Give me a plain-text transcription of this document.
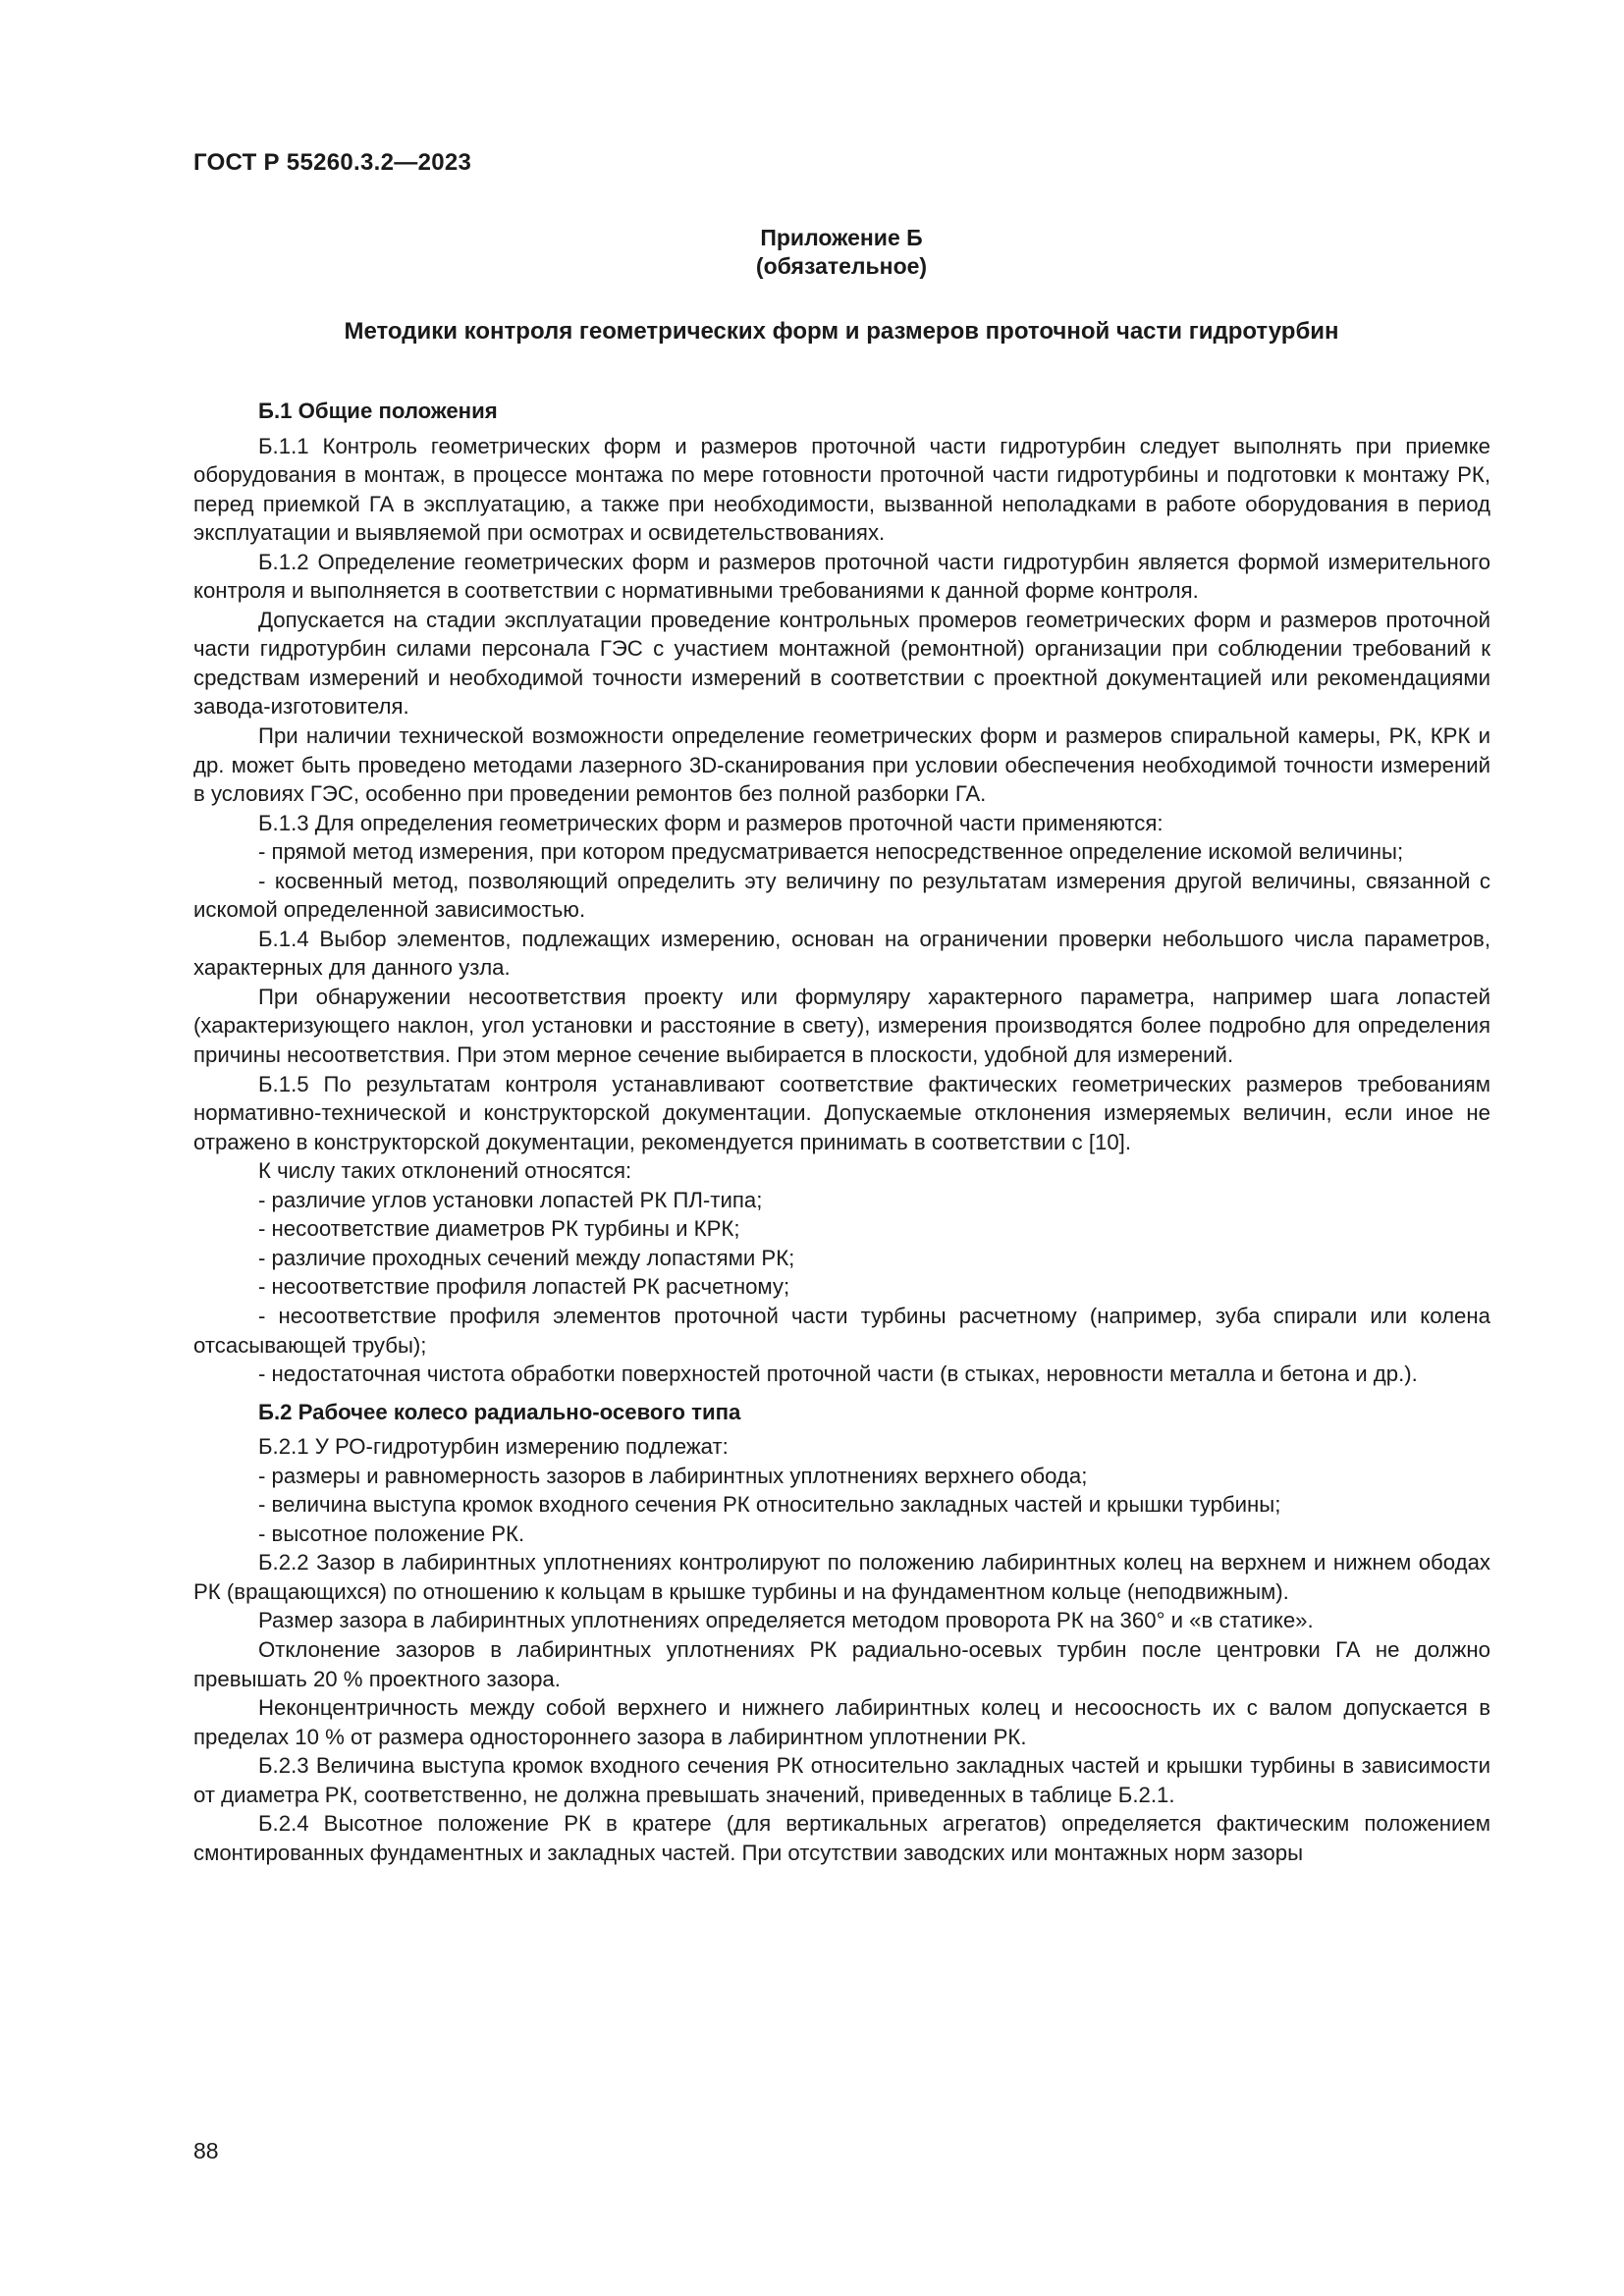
ГОСТ Р 55260.3.2—2023
Приложение Б
(обязательное)
Методики контроля геометрических форм и размеров проточной части гидротурбин
Б.1 Общие положения

Б.1.1 Контроль геометрических форм и размеров проточной части гидротурбин следует выполнять при приемке оборудования в монтаж, в процессе монтажа по мере готовности проточной части гидротурбины и подготовки к монтажу РК, перед приемкой ГА в эксплуатацию, а также при необходимости, вызванной неполадками в работе оборудования в период эксплуатации и выявляемой при осмотрах и освидетельствованиях.

Б.1.2 Определение геометрических форм и размеров проточной части гидротурбин является формой измерительного контроля и выполняется в соответствии с нормативными требованиями к данной форме контроля.

Допускается на стадии эксплуатации проведение контрольных промеров геометрических форм и размеров проточной части гидротурбин силами персонала ГЭС с участием монтажной (ремонтной) организации при соблюдении требований к средствам измерений и необходимой точности измерений в соответствии с проектной документацией или рекомендациями завода-изготовителя.

При наличии технической возможности определение геометрических форм и размеров спиральной камеры, РК, КРК и др. может быть проведено методами лазерного 3D-сканирования при условии обеспечения необходимой точности измерений в условиях ГЭС, особенно при проведении ремонтов без полной разборки ГА.

Б.1.3 Для определения геометрических форм и размеров проточной части применяются:

- прямой метод измерения, при котором предусматривается непосредственное определение искомой величины;

- косвенный метод, позволяющий определить эту величину по результатам измерения другой величины, связанной с искомой определенной зависимостью.

Б.1.4 Выбор элементов, подлежащих измерению, основан на ограничении проверки небольшого числа параметров, характерных для данного узла.

При обнаружении несоответствия проекту или формуляру характерного параметра, например шага лопастей (характеризующего наклон, угол установки и расстояние в свету), измерения производятся более подробно для определения причины несоответствия. При этом мерное сечение выбирается в плоскости, удобной для измерений.

Б.1.5 По результатам контроля устанавливают соответствие фактических геометрических размеров требованиям нормативно-технической и конструкторской документации. Допускаемые отклонения измеряемых величин, если иное не отражено в конструкторской документации, рекомендуется принимать в соответствии с [10].

К числу таких отклонений относятся:

- различие углов установки лопастей РК ПЛ-типа;

- несоответствие диаметров РК турбины и КРК;

- различие проходных сечений между лопастями РК;

- несоответствие профиля лопастей РК расчетному;

- несоответствие профиля элементов проточной части турбины расчетному (например, зуба спирали или колена отсасывающей трубы);

- недостаточная чистота обработки поверхностей проточной части (в стыках, неровности металла и бетона и др.).

Б.2 Рабочее колесо радиально-осевого типа

Б.2.1 У РО-гидротурбин измерению подлежат:

- размеры и равномерность зазоров в лабиринтных уплотнениях верхнего обода;

- величина выступа кромок входного сечения РК относительно закладных частей и крышки турбины;

- высотное положение РК.

Б.2.2 Зазор в лабиринтных уплотнениях контролируют по положению лабиринтных колец на верхнем и нижнем ободах РК (вращающихся) по отношению к кольцам в крышке турбины и на фундаментном кольце (неподвижным).

Размер зазора в лабиринтных уплотнениях определяется методом проворота РК на 360° и «в статике».

Отклонение зазоров в лабиринтных уплотнениях РК радиально-осевых турбин после центровки ГА не должно превышать 20 % проектного зазора.

Неконцентричность между собой верхнего и нижнего лабиринтных колец и несоосность их с валом допускается в пределах 10 % от размера одностороннего зазора в лабиринтном уплотнении РК.

Б.2.3 Величина выступа кромок входного сечения РК относительно закладных частей и крышки турбины в зависимости от диаметра РК, соответственно, не должна превышать значений, приведенных в таблице Б.2.1.

Б.2.4 Высотное положение РК в кратере (для вертикальных агрегатов) определяется фактическим положением смонтированных фундаментных и закладных частей. При отсутствии заводских или монтажных норм зазоры

88
